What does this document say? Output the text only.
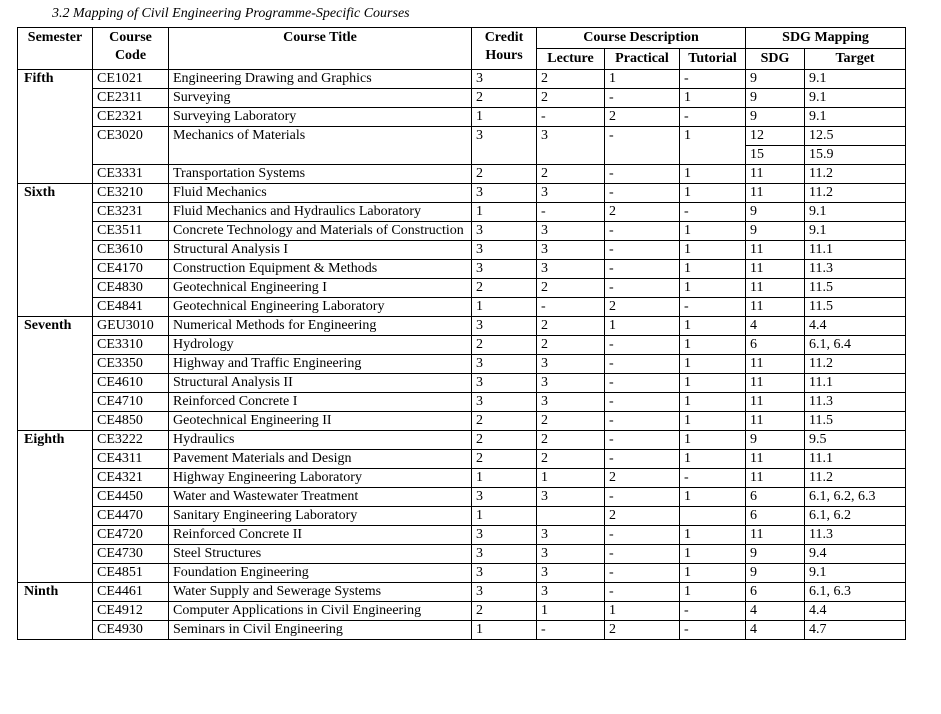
3.2 Mapping of Civil Engineering Programme-Specific Courses
Semester	Course Code	Course Title	Credit Hours	Course Description			SDG Mapping	
				Lecture	Practical	Tutorial	SDG	Target
Fifth	CE1021	Engineering Drawing and Graphics	3	2	1	-	9	9.1
	CE2311	Surveying	2	2	-	1	9	9.1
	CE2321	Surveying Laboratory	1	-	2	-	9	9.1
	CE3020	Mechanics of Materials	3	3	-	1	12	12.5
							15	15.9
	CE3331	Transportation Systems	2	2	-	1	11	11.2
Sixth	CE3210	Fluid Mechanics	3	3	-	1	11	11.2
	CE3231	Fluid Mechanics and Hydraulics Laboratory	1	-	2	-	9	9.1
	CE3511	Concrete Technology and Materials of Construction	3	3	-	1	9	9.1
	CE3610	Structural Analysis I	3	3	-	1	11	11.1
	CE4170	Construction Equipment & Methods	3	3	-	1	11	11.3
	CE4830	Geotechnical Engineering I	2	2	-	1	11	11.5
	CE4841	Geotechnical Engineering Laboratory	1	-	2	-	11	11.5
Seventh	GEU3010	Numerical Methods for Engineering	3	2	1	1	4	4.4
	CE3310	Hydrology	2	2	-	1	6	6.1, 6.4
	CE3350	Highway and Traffic Engineering	3	3	-	1	11	11.2
	CE4610	Structural Analysis II	3	3	-	1	11	11.1
	CE4710	Reinforced Concrete I	3	3	-	1	11	11.3
	CE4850	Geotechnical Engineering II	2	2	-	1	11	11.5
Eighth	CE3222	Hydraulics	2	2	-	1	9	9.5
	CE4311	Pavement Materials and Design	2	2	-	1	11	11.1
	CE4321	Highway Engineering Laboratory	1	1	2	-	11	11.2
	CE4450	Water and Wastewater Treatment	3	3	-	1	6	6.1, 6.2, 6.3
	CE4470	Sanitary Engineering Laboratory	1		2		6	6.1, 6.2
	CE4720	Reinforced Concrete II	3	3	-	1	11	11.3
	CE4730	Steel Structures	3	3	-	1	9	9.4
	CE4851	Foundation Engineering	3	3	-	1	9	9.1
Ninth	CE4461	Water Supply and Sewerage Systems	3	3	-	1	6	6.1, 6.3
	CE4912	Computer Applications in Civil Engineering	2	1	1	-	4	4.4
	CE4930	Seminars in Civil Engineering	1	-	2	-	4	4.7
